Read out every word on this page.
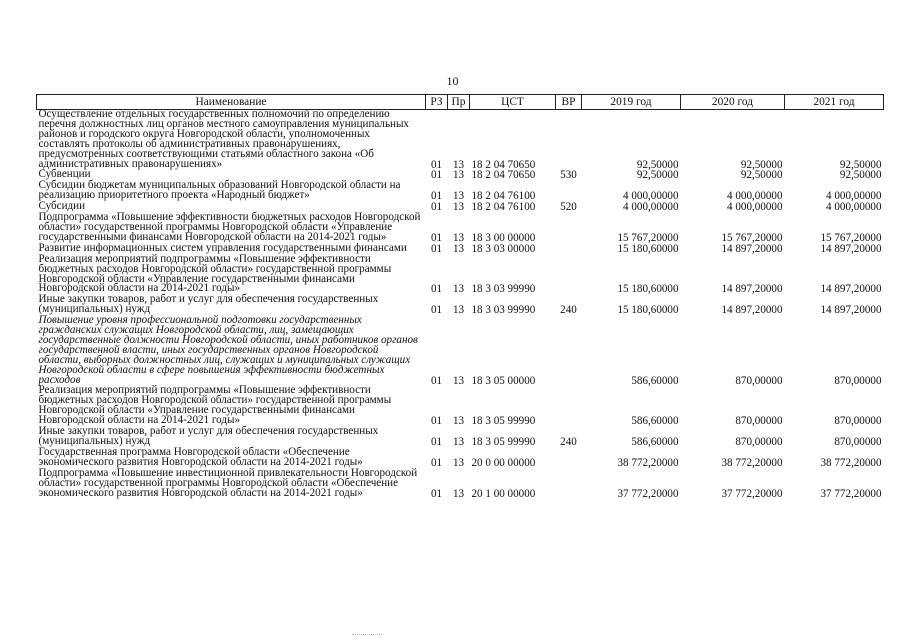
10
Наименование	РЗ	Пр	ЦСТ	ВР	2019 год	2020 год	2021 год
Осуществление отдельных государственных полномочий по определению перечня должностных лиц органов местного самоуправления муниципальных районов и городского округа Новгородской области, уполномоченных составлять протоколы об административных правонарушениях, предусмотренных соответствующими статьями областного закона «Об административных правонарушениях»	01	13	18 2 04 70650		92,50000	92,50000	92,50000
Субвенции	01	13	18 2 04 70650	530	92,50000	92,50000	92,50000
Субсидии бюджетам муниципальных образований Новгородской области на реализацию приоритетного проекта «Народный бюджет»	01	13	18 2 04 76100		4 000,00000	4 000,00000	4 000,00000
Субсидии	01	13	18 2 04 76100	520	4 000,00000	4 000,00000	4 000,00000
Подпрограмма «Повышение эффективности бюджетных расходов Новгородской области» государственной программы Новгородской области «Управление государственными финансами Новгородской области на 2014-2021 годы»	01	13	18 3 00 00000		15 767,20000	15 767,20000	15 767,20000
Развитие информационных систем управления государственными финансами	01	13	18 3 03 00000		15 180,60000	14 897,20000	14 897,20000
Реализация мероприятий подпрограммы «Повышение эффективности бюджетных расходов Новгородской области» государственной программы Новгородской области «Управление государственными финансами Новгородской области на 2014-2021 годы»	01	13	18 3 03 99990		15 180,60000	14 897,20000	14 897,20000
Иные закупки товаров, работ и услуг для обеспечения государственных (муниципальных) нужд	01	13	18 3 03 99990	240	15 180,60000	14 897,20000	14 897,20000
Повышение уровня профессиональной подготовки государственных гражданских служащих Новгородской области, лиц, замещающих государственные должности Новгородской области, иных работников органов государственной власти, иных государственных органов Новгородской области, выборных должностных лиц, служащих и муниципальных служащих Новгородской области в сфере повышения эффективности бюджетных расходов	01	13	18 3 05 00000		586,60000	870,00000	870,00000
Реализация мероприятий подпрограммы «Повышение эффективности бюджетных расходов Новгородской области» государственной программы Новгородской области «Управление государственными финансами Новгородской области на 2014-2021 годы»	01	13	18 3 05 99990		586,60000	870,00000	870,00000
Иные закупки товаров, работ и услуг для обеспечения государственных (муниципальных) нужд	01	13	18 3 05 99990	240	586,60000	870,00000	870,00000
Государственная программа Новгородской области «Обеспечение экономического развития Новгородской области на 2014-2021 годы»	01	13	20 0 00 00000		38 772,20000	38 772,20000	38 772,20000
Подпрограмма «Повышение инвестиционной привлекательности Новгородской области» государственной программы Новгородской области «Обеспечение экономического развития Новгородской области на 2014-2021 годы»	01	13	20 1 00 00000		37 772,20000	37 772,20000	37 772,20000
